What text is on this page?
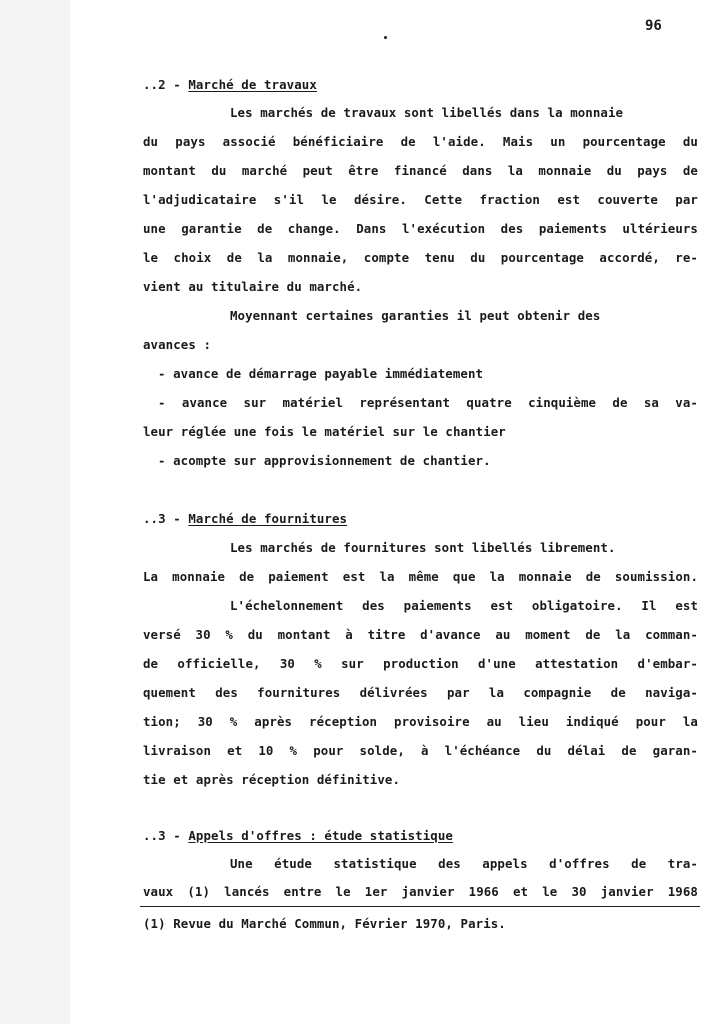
96
..2 - Marché de travaux
Les marchés de travaux sont libellés dans la monnaie
du pays associé bénéficiaire de l'aide. Mais un pourcentage du
montant du marché peut être financé dans la monnaie du pays de
l'adjudicataire s'il le désire. Cette fraction est couverte par
une garantie de change. Dans l'exécution des paiements ultérieurs
le choix de la monnaie, compte tenu du pourcentage accordé, re-
vient au titulaire du marché.
Moyennant certaines garanties il peut obtenir des
avances :
- avance de démarrage payable immédiatement
- avance sur matériel représentant quatre cinquième de sa va-
leur réglée une fois le matériel sur le chantier
- acompte sur approvisionnement de chantier.
..3 - Marché de fournitures
Les marchés de fournitures sont libellés librement.
La monnaie de paiement est la même que la monnaie de soumission.
L'échelonnement des paiements est obligatoire. Il est
versé 30 % du montant à titre d'avance au moment de la comman-
de officielle, 30 % sur production d'une attestation d'embar-
quement des fournitures délivrées par la compagnie de naviga-
tion; 30 % après réception provisoire au lieu indiqué pour la
livraison et 10 % pour solde, à l'échéance du délai de garan-
tie et après réception définitive.
..3 - Appels d'offres : étude statistique
Une étude statistique des appels d'offres de tra-
vaux (1) lancés entre le 1er janvier 1966 et le 30 janvier 1968
(1) Revue du Marché Commun, Février 1970, Paris.
